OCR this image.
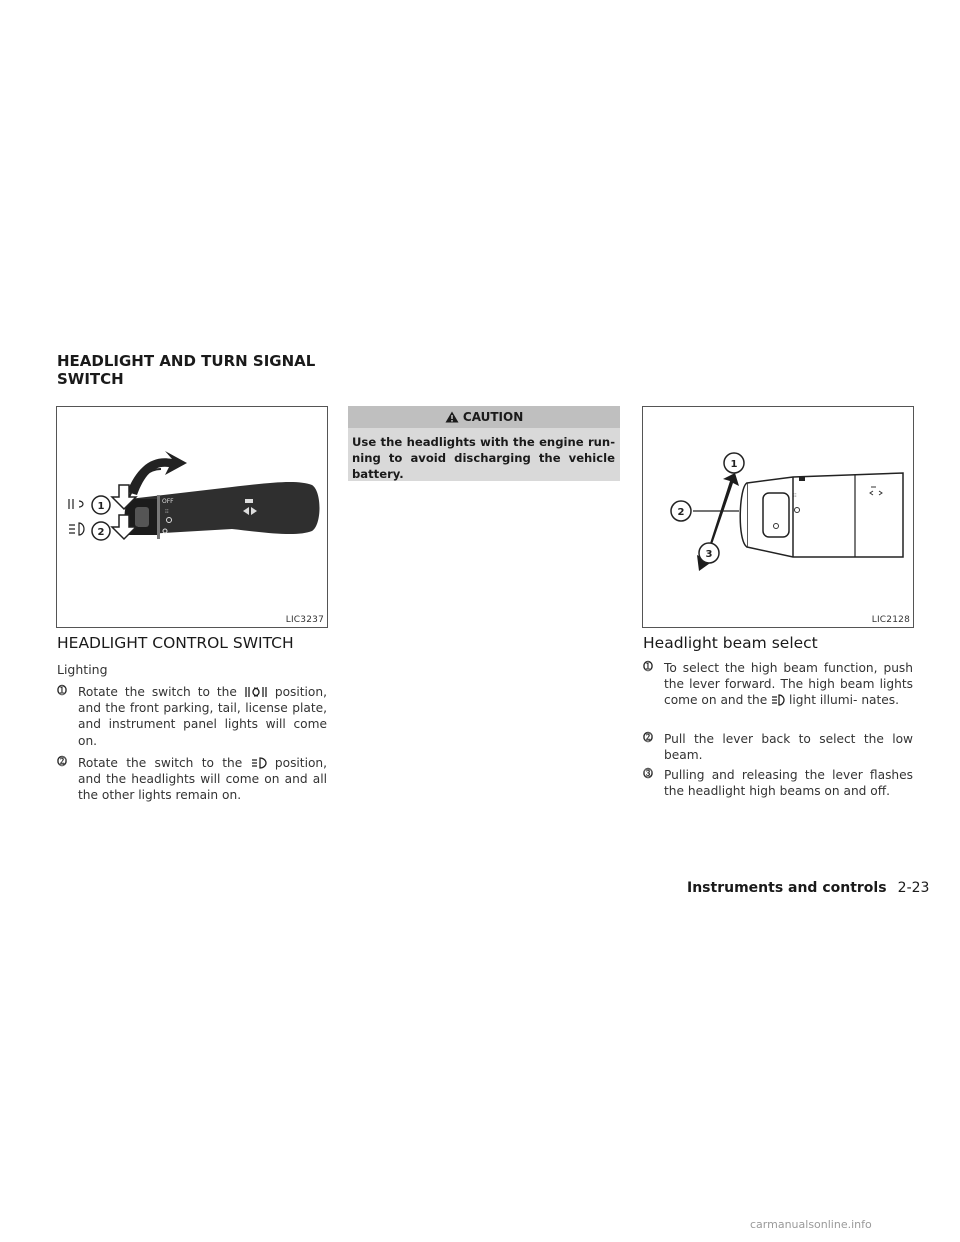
HEADLIGHT AND TURN SIGNAL SWITCH
OFF
⁝⁝
1
2
LIC3237
HEADLIGHT CONTROL SWITCH
Lighting
⓵ Rotate the switch to the	position, and the front parking, tail, license plate, and instrument panel lights will come on.
⓶ Rotate the switch to the	position, and the headlights will come on and all the other lights remain on.
CAUTION
Use the headlights with the engine run- ning to avoid discharging the vehicle battery.
⁝⁝
1
2
3
LIC2128
Headlight beam select
⓵ To select the high beam function, push the lever forward. The high beam lights come on and the light illumi- nates.
⓶ Pull the lever back to select the low beam.
⓷ Pulling and releasing the lever flashes the headlight high beams on and off.
Instruments and controls 2-23
carmanualsonline.info
